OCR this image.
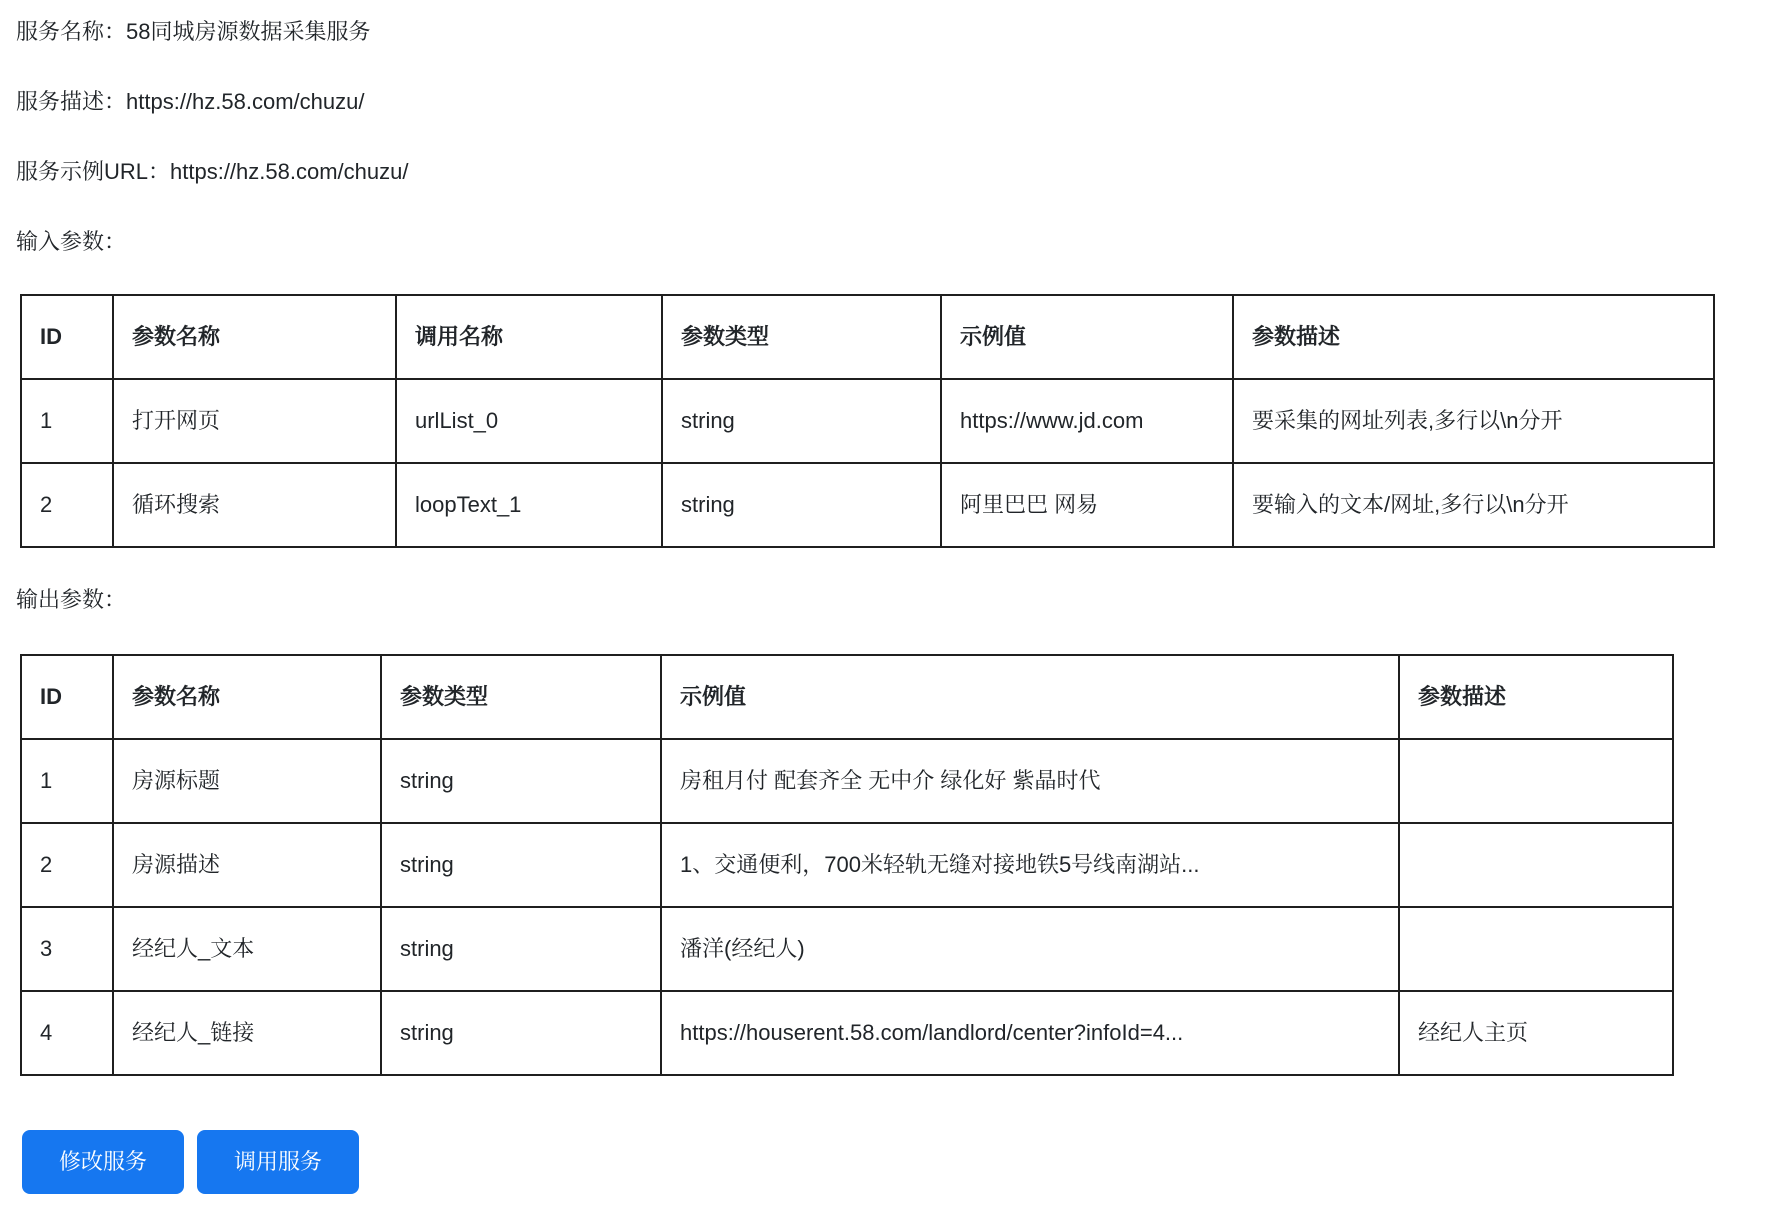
服务名称：58同城房源数据采集服务

服务描述：https://hz.58.com/chuzu/

服务示例URL：https://hz.58.com/chuzu/

输入参数：

ID	参数名称	调用名称	参数类型	示例值	参数描述
1	打开网页	urlList_0	string	https://www.jd.com	要采集的网址列表,多行以\n分开
2	循环搜索	loopText_1	string	阿里巴巴 网易	要输入的文本/网址,多行以\n分开

输出参数：

ID	参数名称	参数类型	示例值	参数描述
1	房源标题	string	房租月付 配套齐全 无中介 绿化好 紫晶时代	
2	房源描述	string	1、交通便利，700米轻轨无缝对接地铁5号线南湖站...	
3	经纪人_文本	string	潘洋(经纪人)	
4	经纪人_链接	string	https://houserent.58.com/landlord/center?infoId=4...	经纪人主页
修改服务	调用服务
